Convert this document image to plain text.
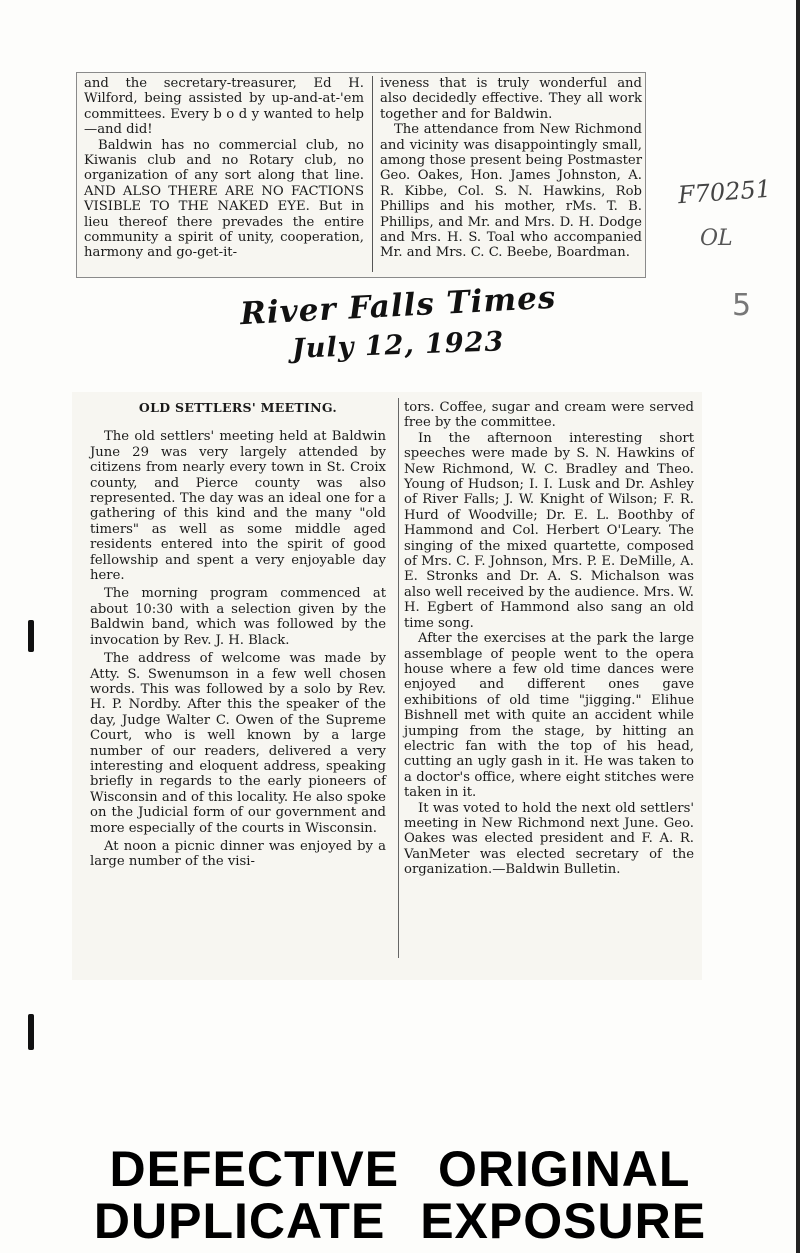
and the secretary-treasurer, Ed H. Wilford, being assisted by up-and-at-'em committees. Every b o d y wanted to help—and did!

Baldwin has no commercial club, no Kiwanis club and no Rotary club, no organization of any sort along that line. AND ALSO THERE ARE NO FACTIONS VISIBLE TO THE NAKED EYE. But in lieu thereof there prevades the entire community a spirit of unity, cooperation, harmony and go-get-it-

iveness that is truly wonderful and also decidedly effective. They all work together and for Baldwin.

The attendance from New Richmond and vicinity was disappointingly small, among those present being Postmaster Geo. Oakes, Hon. James Johnston, A. R. Kibbe, Col. S. N. Hawkins, Rob Phillips and his mother, rMs. T. B. Phillips, and Mr. and Mrs. D. H. Dodge and Mrs. H. S. Toal who accompanied Mr. and Mrs. C. C. Beebe, Boardman.

River Falls Times
July 12, 1923
F70251
OL
5

OLD SETTLERS' MEETING.

The old settlers' meeting held at Baldwin June 29 was very largely attended by citizens from nearly every town in St. Croix county, and Pierce county was also represented. The day was an ideal one for a gathering of this kind and the many "old timers" as well as some middle aged residents entered into the spirit of good fellowship and spent a very enjoyable day here.

The morning program commenced at about 10:30 with a selection given by the Baldwin band, which was followed by the invocation by Rev. J. H. Black.

The address of welcome was made by Atty. S. Swenumson in a few well chosen words. This was followed by a solo by Rev. H. P. Nordby. After this the speaker of the day, Judge Walter C. Owen of the Supreme Court, who is well known by a large number of our readers, delivered a very interesting and eloquent address, speaking briefly in regards to the early pioneers of Wisconsin and of this locality. He also spoke on the Judicial form of our government and more especially of the courts in Wisconsin.

At noon a picnic dinner was enjoyed by a large number of the visi-

tors. Coffee, sugar and cream were served free by the committee.

In the afternoon interesting short speeches were made by S. N. Hawkins of New Richmond, W. C. Bradley and Theo. Young of Hudson; I. I. Lusk and Dr. Ashley of River Falls; J. W. Knight of Wilson; F. R. Hurd of Woodville; Dr. E. L. Boothby of Hammond and Col. Herbert O'Leary. The singing of the mixed quartette, composed of Mrs. C. F. Johnson, Mrs. P. E. DeMille, A. E. Stronks and Dr. A. S. Michalson was also well received by the audience. Mrs. W. H. Egbert of Hammond also sang an old time song.

After the exercises at the park the large assemblage of people went to the opera house where a few old time dances were enjoyed and different ones gave exhibitions of old time "jigging." Elihue Bishnell met with quite an accident while jumping from the stage, by hitting an electric fan with the top of his head, cutting an ugly gash in it. He was taken to a doctor's office, where eight stitches were taken in it.

It was voted to hold the next old settlers' meeting in New Richmond next June. Geo. Oakes was elected president and F. A. R. VanMeter was elected secretary of the organization.—Baldwin Bulletin.

DEFECTIVE ORIGINAL
DUPLICATE EXPOSURE
